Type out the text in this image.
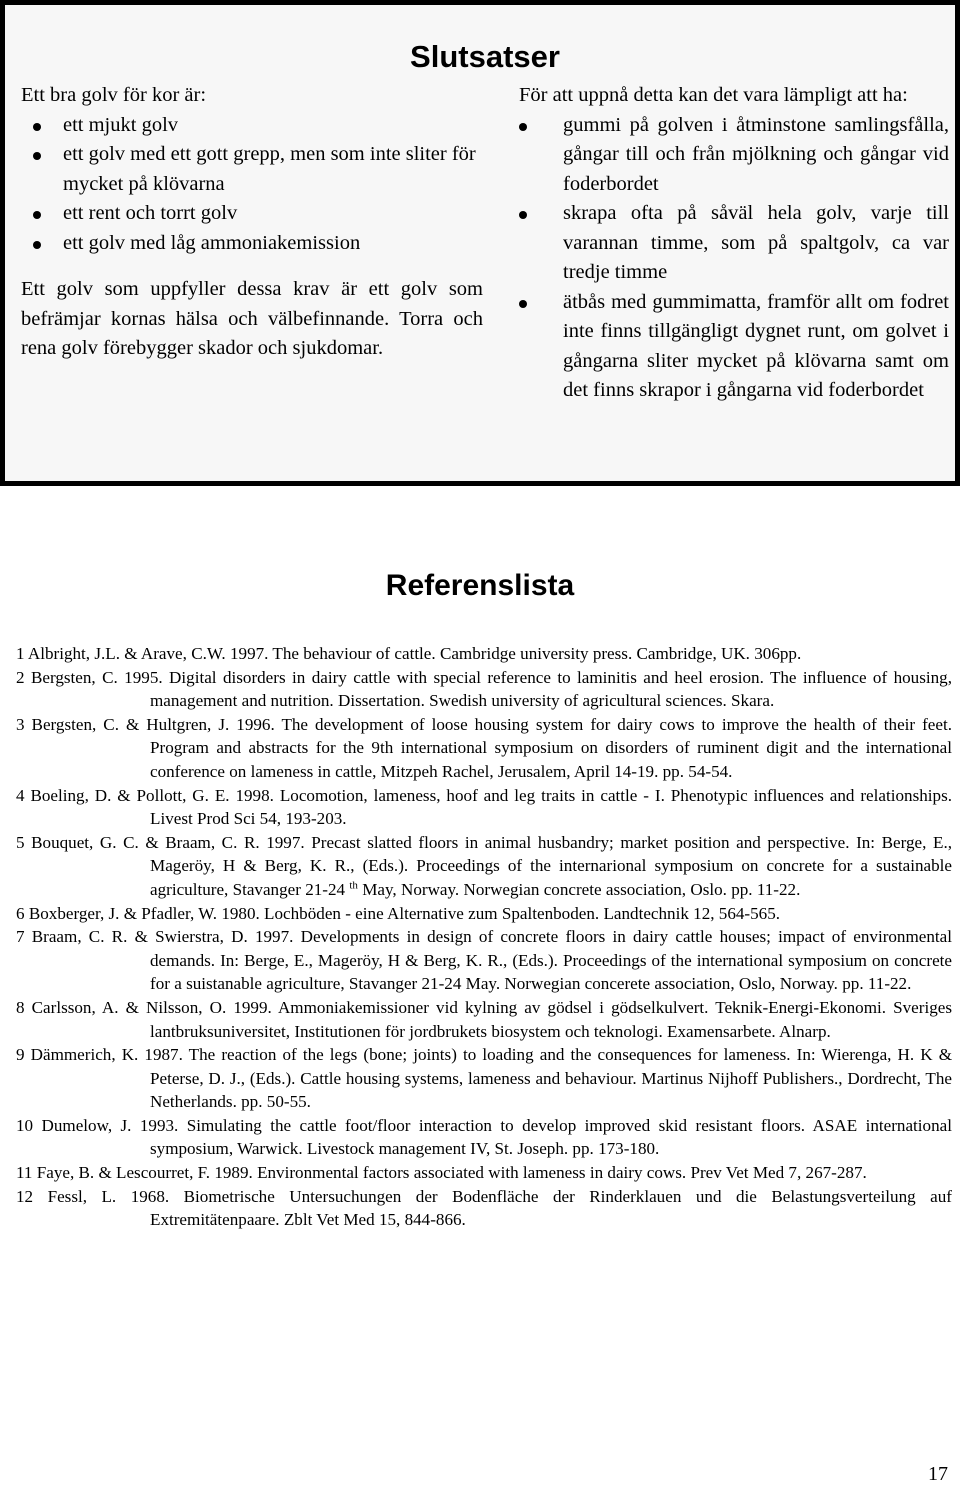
Slutsatser

Ett bra golv för kor är:

ett mjukt golv
ett golv med ett gott grepp, men som inte sliter för mycket på klövarna
ett rent och torrt golv
ett golv med låg ammoniakemission

Ett golv som uppfyller dessa krav är ett golv som befrämjar kornas hälsa och välbefinnande. Torra och rena golv förebygger skador och sjukdomar.

För att uppnå detta kan det vara lämpligt att ha:

gummi på golven i åtminstone samlingsfålla, gångar till och från mjölkning och gångar vid foderbordet
skrapa ofta på såväl hela golv, varje till varannan timme, som på spaltgolv, ca var tredje timme
ätbås med gummimatta, framför allt om fodret inte finns tillgängligt dygnet runt, om golvet i gångarna sliter mycket på klövarna samt om det finns skrapor i gångarna vid foderbordet
Referenslista
1 Albright, J.L. & Arave, C.W. 1997. The behaviour of cattle. Cambridge university press. Cambridge, UK. 306pp.
2 Bergsten, C. 1995. Digital disorders in dairy cattle with special reference to laminitis and heel erosion. The influence of housing, management and nutrition. Dissertation. Swedish university of agricultural sciences. Skara.
3 Bergsten, C. & Hultgren, J. 1996. The development of loose housing system for dairy cows to improve the health of their feet. Program and abstracts for the 9th international symposium on disorders of ruminent digit and the international conference on lameness in cattle, Mitzpeh Rachel, Jerusalem, April 14-19. pp. 54-54.
4 Boeling, D. & Pollott, G. E. 1998. Locomotion, lameness, hoof and leg traits in cattle - I. Phenotypic influences and relationships. Livest Prod Sci 54, 193-203.
5 Bouquet, G. C. & Braam, C. R. 1997. Precast slatted floors in animal husbandry; market position and perspective. In: Berge, E., Mageröy, H & Berg, K. R., (Eds.). Proceedings of the internarional symposium on concrete for a sustainable agriculture, Stavanger 21-24 $^{th}$ May, Norway. Norwegian concrete association, Oslo. pp. 11-22.
6 Boxberger, J. & Pfadler, W. 1980. Lochböden - eine Alternative zum Spaltenboden. Landtechnik 12, 564-565.
7 Braam, C. R. & Swierstra, D. 1997. Developments in design of concrete floors in dairy cattle houses; impact of environmental demands. In: Berge, E., Mageröy, H & Berg, K. R., (Eds.). Proceedings of the international symposium on concrete for a suistanable agriculture, Stavanger 21-24 May. Norwegian concerete association, Oslo, Norway. pp. 11-22.
8 Carlsson, A. & Nilsson, O. 1999. Ammoniakemissioner vid kylning av gödsel i gödselkulvert. Teknik-Energi-Ekonomi. Sveriges lantbruksuniversitet, Institutionen för jordbrukets biosystem och teknologi. Examensarbete. Alnarp.
9 Dämmerich, K. 1987. The reaction of the legs (bone; joints) to loading and the consequences for lameness. In: Wierenga, H. K & Peterse, D. J., (Eds.). Cattle housing systems, lameness and behaviour. Martinus Nijhoff Publishers., Dordrecht, The Netherlands. pp. 50-55.
10 Dumelow, J. 1993. Simulating the cattle foot/floor interaction to develop improved skid resistant floors. ASAE international symposium, Warwick. Livestock management IV, St. Joseph. pp. 173-180.
11 Faye, B. & Lescourret, F. 1989. Environmental factors associated with lameness in dairy cows. Prev Vet Med 7, 267-287.
12 Fessl, L. 1968. Biometrische Untersuchungen der Bodenfläche der Rinderklauen und die Belastungsverteilung auf Extremitätenpaare. Zblt Vet Med 15, 844-866.
17
